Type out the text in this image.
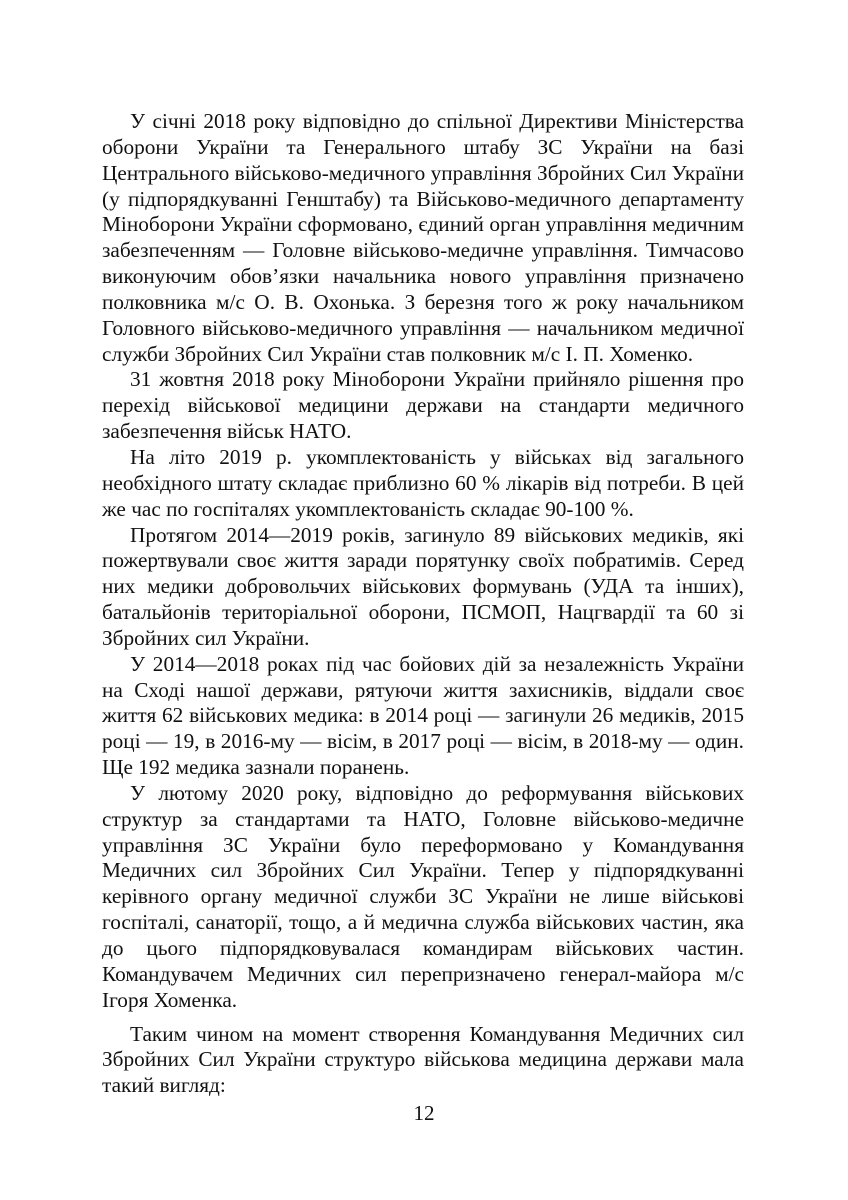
У січні 2018 року відповідно до спільної Директиви Міністерства оборони України та Генерального штабу ЗС України на базі Центрального військово-медичного управління Збройних Сил України (у підпорядкуванні Генштабу) та Військово-медичного департаменту Міноборони України сформовано, єдиний орган управління медичним забезпеченням — Головне військово-медичне управління. Тимчасово виконуючим обов’язки начальника нового управління призначено полковника м/с О. В. Охонька. З березня того ж року начальником Головного військово-медичного управління — начальником медичної служби Збройних Сил України став полковник м/с І. П. Хоменко.

31 жовтня 2018 року Міноборони України прийняло рішення про перехід військової медицини держави на стандарти медичного забезпечення військ НАТО.

На літо 2019 р. укомплектованість у військах від загального необхідного штату складає приблизно 60 % лікарів від потреби. В цей же час по госпіталях укомплектованість складає 90-100 %.

Протягом 2014—2019 років, загинуло 89 військових медиків, які пожертвували своє життя заради порятунку своїх побратимів. Серед них медики добровольчих військових формувань (УДА та інших), батальйонів територіальної оборони, ПСМОП, Нацгвардії та 60 зі Збройних сил України.

У 2014—2018 роках під час бойових дій за незалежність України на Сході нашої держави, рятуючи життя захисників, віддали своє життя 62 військових медика: в 2014 році — загинули 26 медиків, 2015 році — 19, в 2016-му — вісім, в 2017 році — вісім, в 2018-му — один. Ще 192 медика зазнали поранень.

У лютому 2020 року, відповідно до реформування військових структур за стандартами та НАТО, Головне військово-медичне управління ЗС України було переформовано у Командування Медичних сил Збройних Сил України. Тепер у підпорядкуванні керівного органу медичної служби ЗС України не лише військові госпіталі, санаторії, тощо, а й медична служба військових частин, яка до цього підпорядковувалася командирам військових частин. Командувачем Медичних сил перепризначено генерал-майора м/с Ігоря Хоменка.

Таким чином на момент створення Командування Медичних сил Збройних Сил України структуро військова медицина держави мала такий вигляд:

12
